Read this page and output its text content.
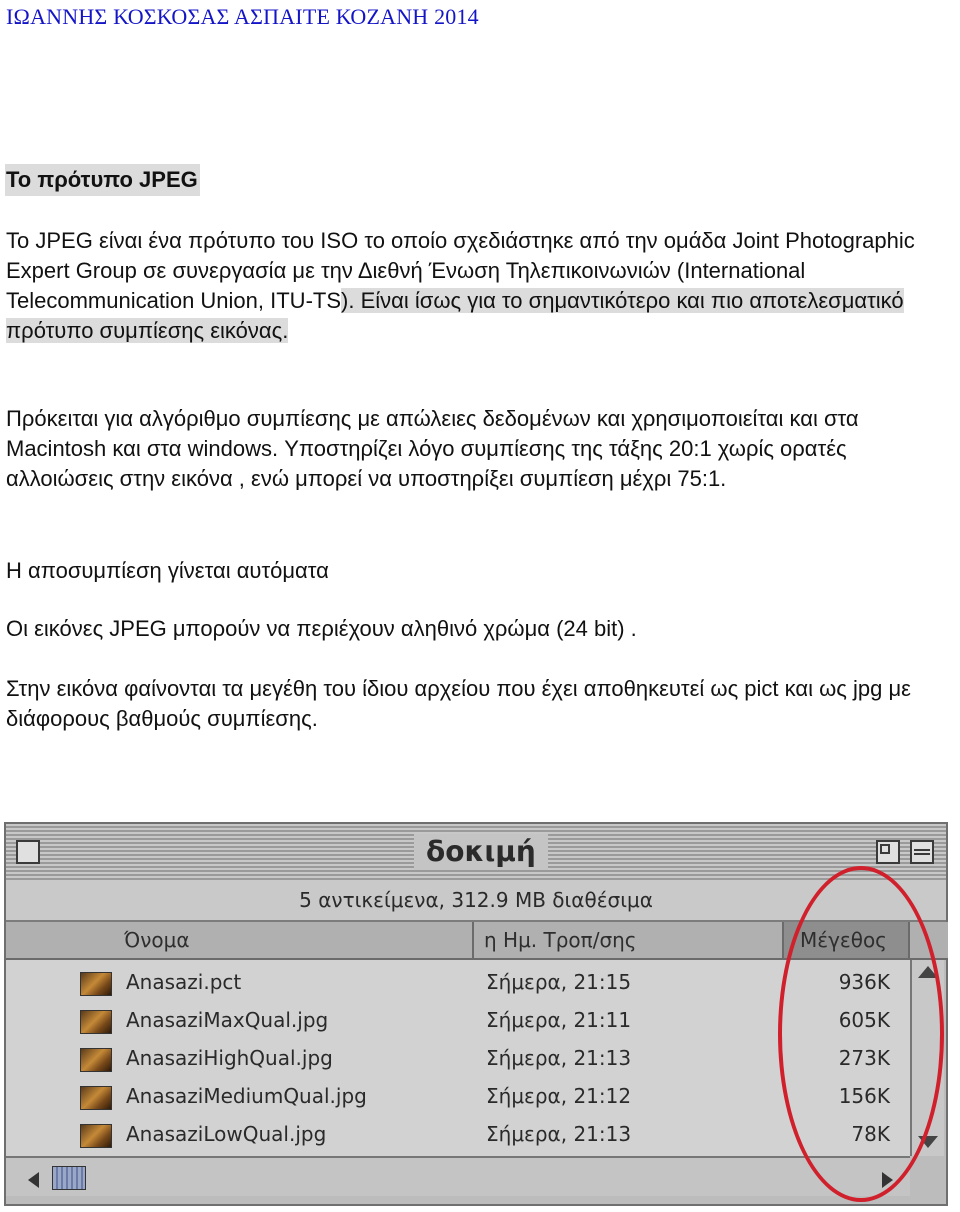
ΙΩΑΝΝΗΣ ΚΟΣΚΟΣΑΣ ΑΣΠΑΙΤΕ ΚΟΖΑΝΗ 2014
Το πρότυπο JPEG

Το JPEG είναι ένα πρότυπο του ISO το οποίο σχεδιάστηκε από την ομάδα Joint Photographic Expert Group σε συνεργασία με την Διεθνή Ένωση Τηλεπικοινωνιών (International Telecommunication Union, ITU-TS). Είναι ίσως για το σημαντικότερο και πιο αποτελεσματικό πρότυπο συμπίεσης εικόνας.

Πρόκειται για αλγόριθμο συμπίεσης με απώλειες δεδομένων και χρησιμοποιείται και στα Macintosh και στα windows. Υποστηρίζει λόγο συμπίεσης της τάξης 20:1 χωρίς ορατές αλλοιώσεις στην εικόνα , ενώ μπορεί να υποστηρίξει συμπίεση μέχρι 75:1.

Η αποσυμπίεση γίνεται αυτόματα

Οι εικόνες JPEG μπορούν να περιέχουν αληθινό χρώμα (24 bit) .

Στην εικόνα φαίνονται τα μεγέθη του ίδιου αρχείου που έχει αποθηκευτεί ως pict και ως jpg με διάφορους βαθμούς συμπίεσης.

δοκιμή
5 αντικείμενα, 312.9 MB διαθέσιμα
Όνομα	η Ημ. Τροπ/σης	Μέγεθος
Anasazi.pct	Σήμερα, 21:15	936K
AnasaziMaxQual.jpg	Σήμερα, 21:11	605K
AnasaziHighQual.jpg	Σήμερα, 21:13	273K
AnasaziMediumQual.jpg	Σήμερα, 21:12	156K
AnasaziLowQual.jpg	Σήμερα, 21:13	78K
